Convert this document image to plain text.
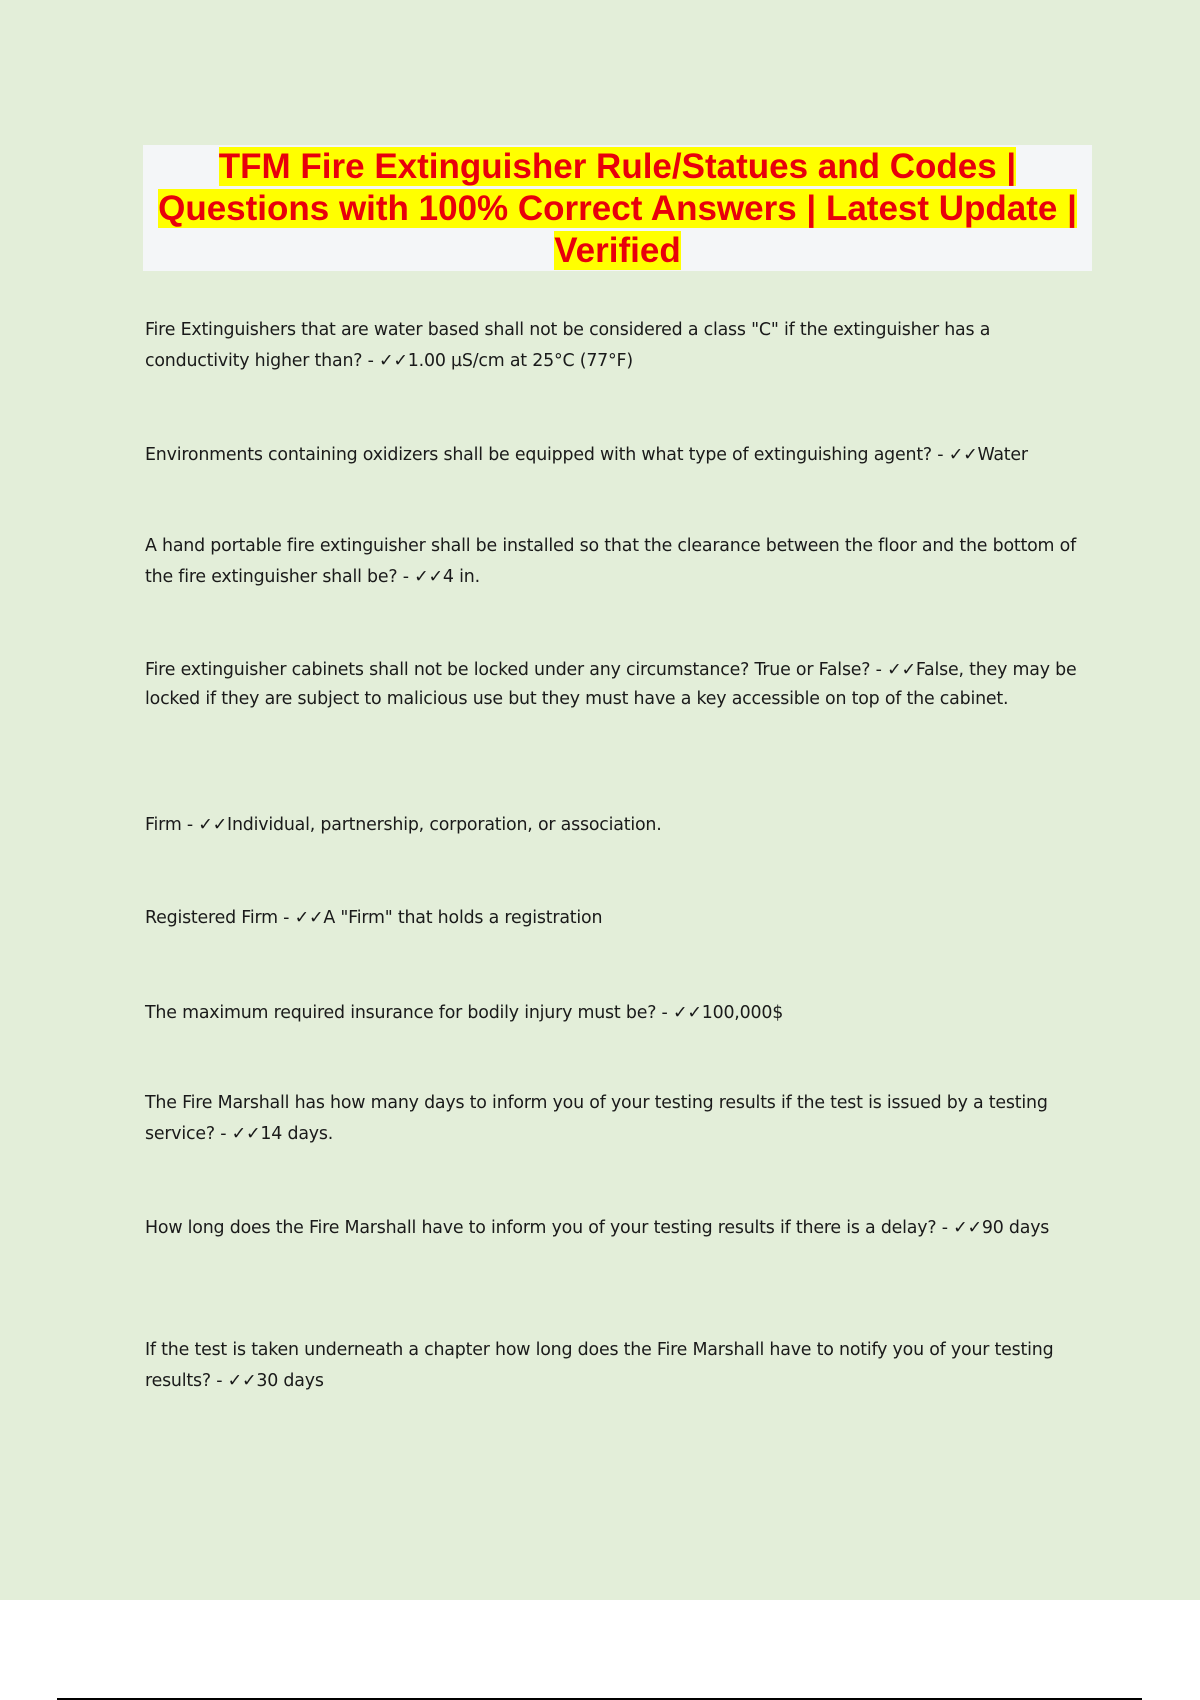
TFM Fire Extinguisher Rule/Statues and Codes | Questions with 100% Correct Answers | Latest Update | Verified

Fire Extinguishers that are water based shall not be considered a class "C" if the extinguisher has a conductivity higher than? - ✓✓1.00 µS/cm at 25°C (77°F)

Environments containing oxidizers shall be equipped with what type of extinguishing agent? - ✓✓Water

A hand portable fire extinguisher shall be installed so that the clearance between the floor and the bottom of the fire extinguisher shall be? - ✓✓4 in.

Fire extinguisher cabinets shall not be locked under any circumstance? True or False? - ✓✓False, they may be locked if they are subject to malicious use but they must have a key accessible on top of the cabinet.

Firm - ✓✓Individual, partnership, corporation, or association.

Registered Firm - ✓✓A "Firm" that holds a registration

The maximum required insurance for bodily injury must be? - ✓✓100,000$

The Fire Marshall has how many days to inform you of your testing results if the test is issued by a testing service? - ✓✓14 days.

How long does the Fire Marshall have to inform you of your testing results if there is a delay? - ✓✓90 days

If the test is taken underneath a chapter how long does the Fire Marshall have to notify you of your testing results? - ✓✓30 days
